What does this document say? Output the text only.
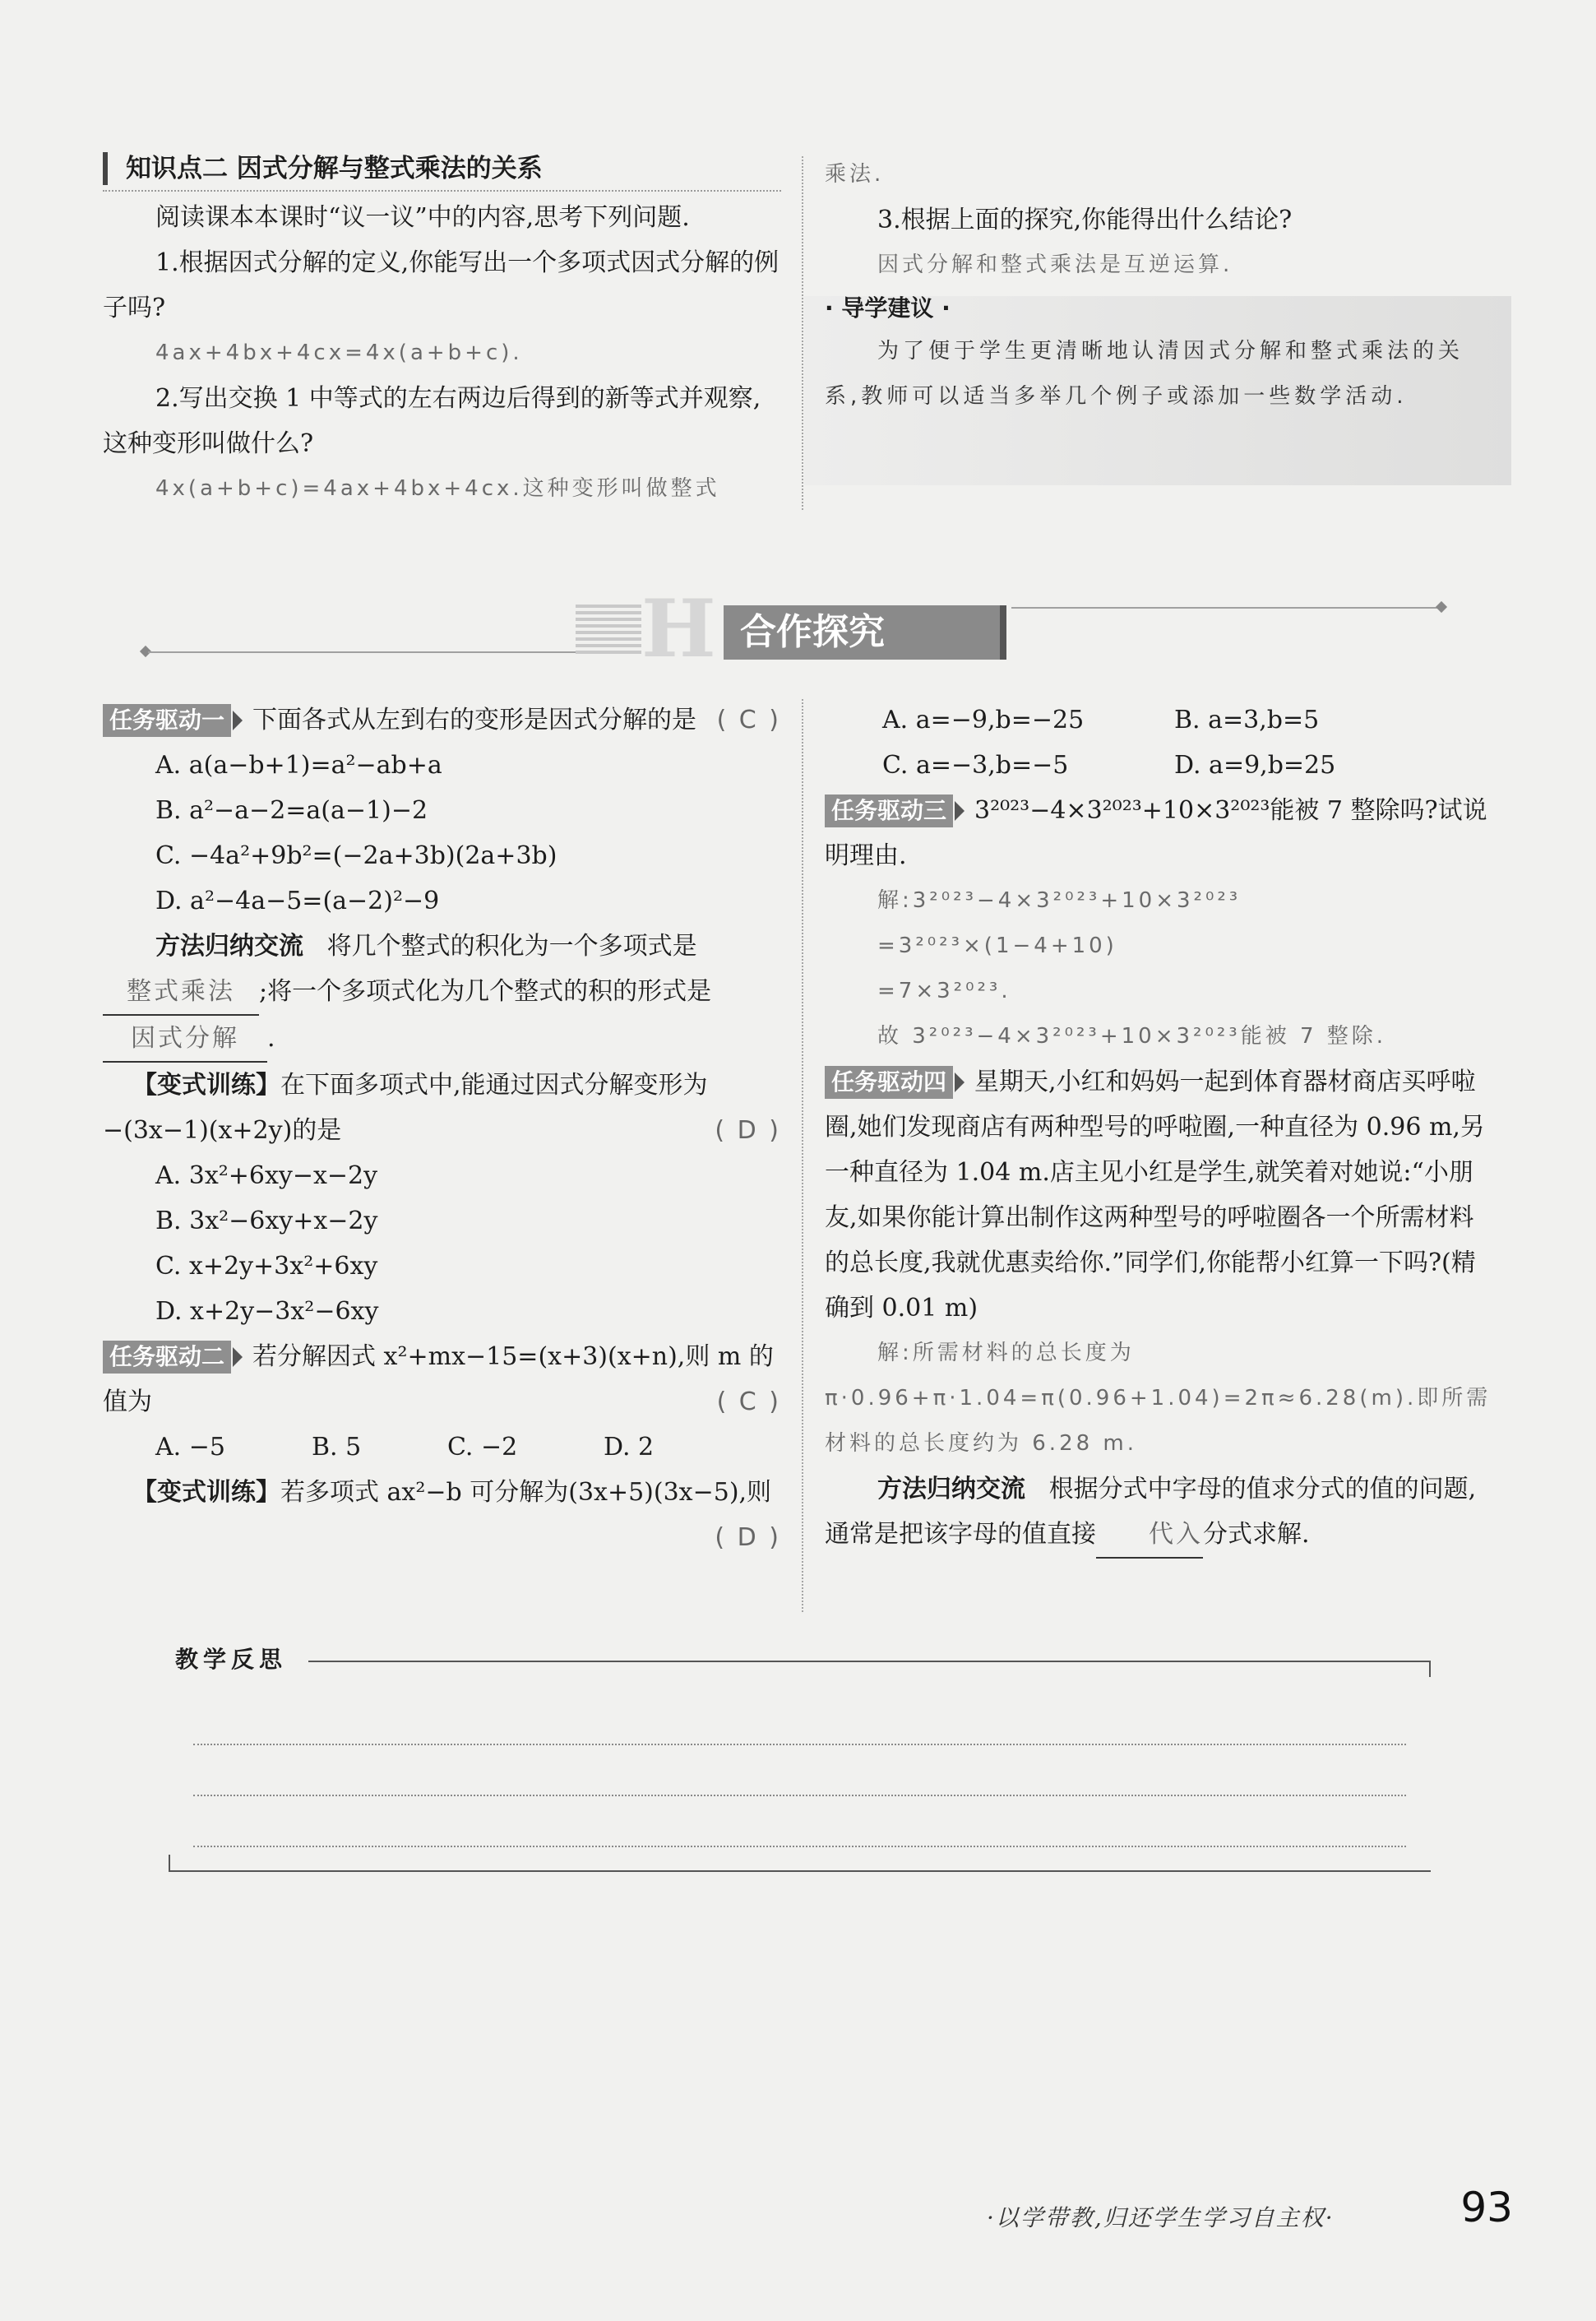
知识点二 因式分解与整式乘法的关系

阅读课本本课时“议一议”中的内容,思考下列问题.

1.根据因式分解的定义,你能写出一个多项式因式分解的例子吗?

4ax+4bx+4cx=4x(a+b+c).

2.写出交换 1 中等式的左右两边后得到的新等式并观察,这种变形叫做什么?

4x(a+b+c)=4ax+4bx+4cx.这种变形叫做整式

乘法.

3.根据上面的探究,你能得出什么结论?

因式分解和整式乘法是互逆运算.

· 导学建议 ·

为了便于学生更清晰地认清因式分解和整式乘法的关系,教师可以适当多举几个例子或添加一些数学活动.

H 合作探究

任务驱动一 下面各式从左到右的变形是因式分解的是 ( C )

A. a(a−b+1)=a²−ab+a

B. a²−a−2=a(a−1)−2

C. −4a²+9b²=(−2a+3b)(2a+3b)

D. a²−4a−5=(a−2)²−9

方法归纳交流 将几个整式的积化为一个多项式是

整式乘法 ;将一个多项式化为几个整式的积的形式是

因式分解 .

【变式训练】在下面多项式中,能通过因式分解变形为−(3x−1)(x+2y)的是	( D )

A. 3x²+6xy−x−2y

B. 3x²−6xy+x−2y

C. x+2y+3x²+6xy

D. x+2y−3x²−6xy

任务驱动二 若分解因式 x²+mx−15=(x+3)(x+n),则 m 的值为	( C )

A. −5	B. 5	C. −2	D. 2

【变式训练】若多项式 ax²−b 可分解为(3x+5)(3x−5),则
( D )

A. a=−9,b=−25	B. a=3,b=5

C. a=−3,b=−5	D. a=9,b=25

任务驱动三 3²⁰²³−4×3²⁰²³+10×3²⁰²³能被 7 整除吗?试说明理由.

解:3²⁰²³−4×3²⁰²³+10×3²⁰²³

=3²⁰²³×(1−4+10)

=7×3²⁰²³.

故 3²⁰²³−4×3²⁰²³+10×3²⁰²³能被 7 整除.

任务驱动四 星期天,小红和妈妈一起到体育器材商店买呼啦圈,她们发现商店有两种型号的呼啦圈,一种直径为 0.96 m,另一种直径为 1.04 m.店主见小红是学生,就笑着对她说:“小朋友,如果你能计算出制作这两种型号的呼啦圈各一个所需材料的总长度,我就优惠卖给你.”同学们,你能帮小红算一下吗?(精确到 0.01 m)

解:所需材料的总长度为 π·0.96+π·1.04=π(0.96+1.04)=2π≈6.28(m).即所需材料的总长度约为 6.28 m.

方法归纳交流 根据分式中字母的值求分式的值的问题,通常是把该字母的值直接 代入分式求解.

教学反思
·以学带教,归还学生学习自主权·	93
